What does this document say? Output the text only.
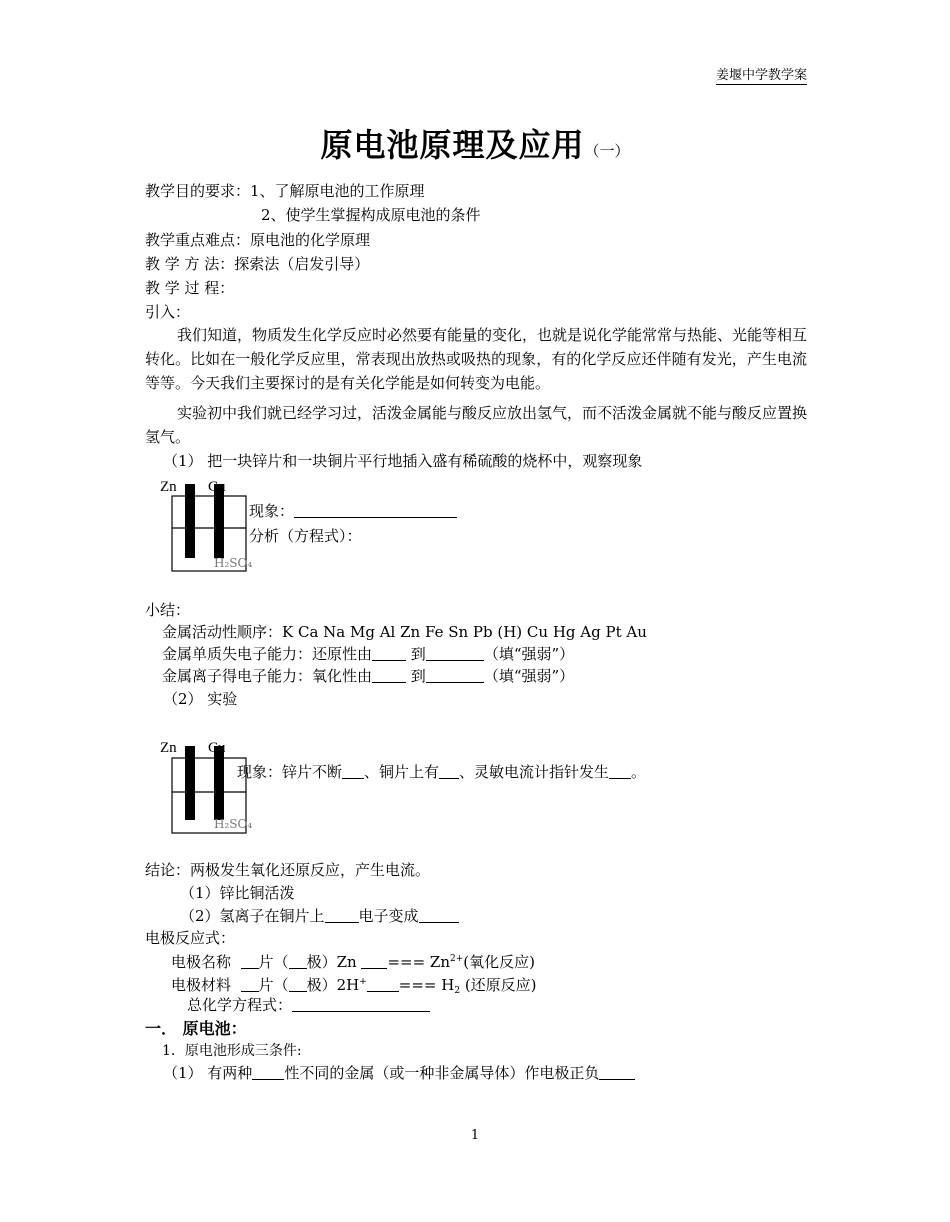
姜堰中学教学案
原电池原理及应用（一）
教学目的要求：1、了解原电池的工作原理
2、使学生掌握构成原电池的条件
教学重点难点：原电池的化学原理
教 学 方 法：探索法（启发引导）
教 学 过 程：
引入：
我们知道，物质发生化学反应时必然要有能量的变化，也就是说化学能常常与热能、光能等相互转化。比如在一般化学反应里，常表现出放热或吸热的现象，有的化学反应还伴随有发光，产生电流等等。今天我们主要探讨的是有关化学能是如何转变为电能。
实验初中我们就已经学习过，活泼金属能与酸反应放出氢气，而不活泼金属就不能与酸反应置换氢气。
（1） 把一块锌片和一块铜片平行地插入盛有稀硫酸的烧杯中，观察现象
Zn Cu
H₂SO₄
现象：
分析（方程式）：
小结：
金属活动性顺序：K Ca Na Mg Al Zn Fe Sn Pb (H) Cu Hg Ag Pt Au
金属单质失电子能力：还原性由	到	（填“强弱”）
金属离子得电子能力：氧化性由	到	（填“强弱”）
（2） 实验
Zn Cu
H₂SO₄
现象：锌片不断 、铜片上有 、灵敏电流计指针发生 。
结论：两极发生氧化还原反应，产生电流。
（1）锌比铜活泼
（2）氢离子在铜片上 电子变成
电极反应式：
电极名称 片（ 极）Zn === $Zn^{2+}$(氧化反应)
电极材料 片（ 极）2H+ === $H_2$ (还原反应)
总化学方程式：
一． 原电池：
1．原电池形成三条件:
（1） 有两种 性不同的金属（或一种非金属导体）作电极正负
1
